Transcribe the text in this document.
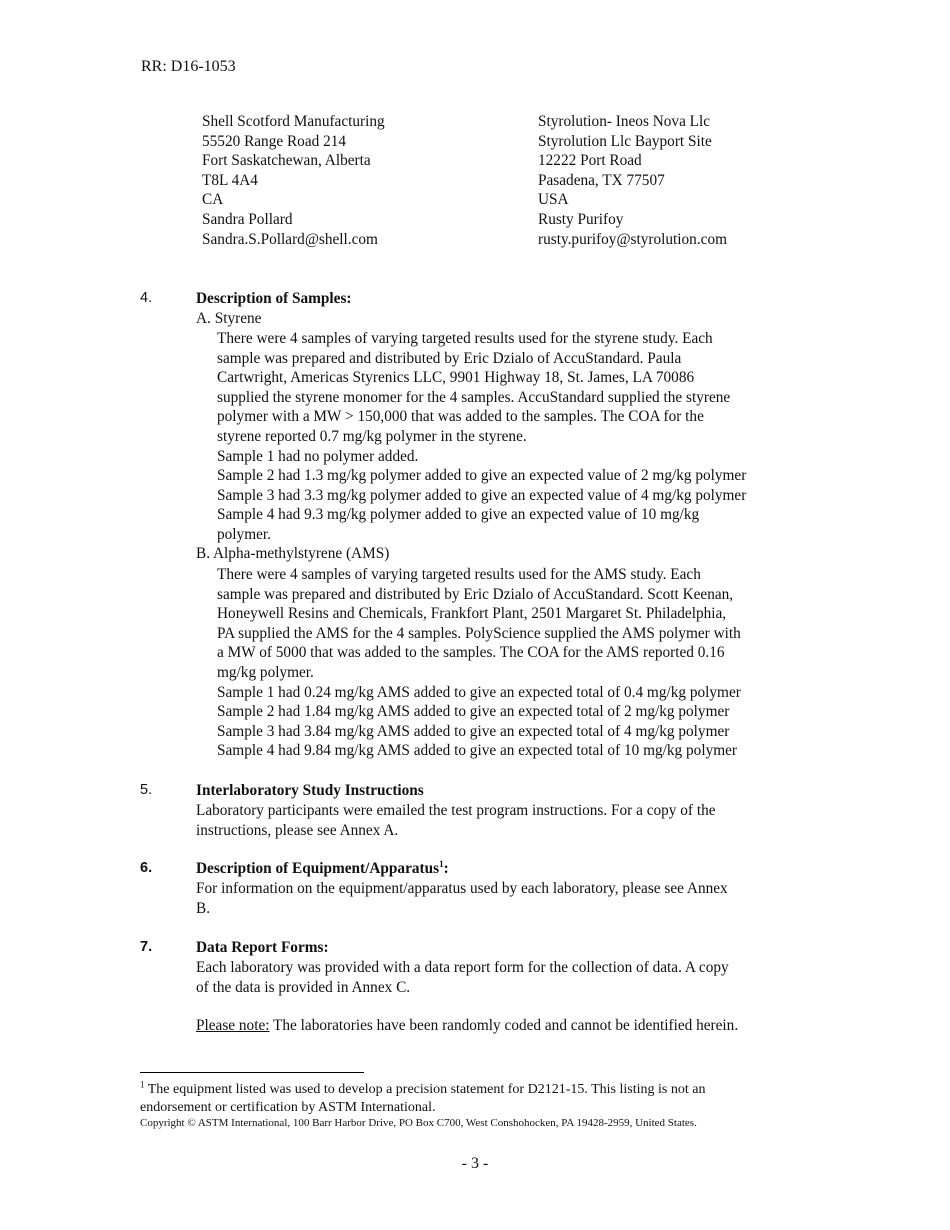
RR: D16-1053
Shell Scotford Manufacturing
55520 Range Road 214
Fort Saskatchewan, Alberta
T8L 4A4
CA
Sandra Pollard
Sandra.S.Pollard@shell.com
Styrolution- Ineos Nova Llc
Styrolution Llc Bayport Site
12222 Port Road
Pasadena, TX 77507
USA
Rusty Purifoy
rusty.purifoy@styrolution.com
4.	Description of Samples:
A. Styrene
There were 4 samples of varying targeted results used for the styrene study. Each
sample was prepared and distributed by Eric Dzialo of AccuStandard. Paula
Cartwright, Americas Styrenics LLC, 9901 Highway 18, St. James, LA 70086
supplied the styrene monomer for the 4 samples. AccuStandard supplied the styrene
polymer with a MW > 150,000 that was added to the samples. The COA for the
styrene reported 0.7 mg/kg polymer in the styrene.
Sample 1 had no polymer added.
Sample 2 had 1.3 mg/kg polymer added to give an expected value of 2 mg/kg polymer
Sample 3 had 3.3 mg/kg polymer added to give an expected value of 4 mg/kg polymer
Sample 4 had 9.3 mg/kg polymer added to give an expected value of 10 mg/kg
polymer.
B. Alpha-methylstyrene (AMS)
There were 4 samples of varying targeted results used for the AMS study. Each
sample was prepared and distributed by Eric Dzialo of AccuStandard. Scott Keenan,
Honeywell Resins and Chemicals, Frankfort Plant, 2501 Margaret St. Philadelphia,
PA supplied the AMS for the 4 samples. PolyScience supplied the AMS polymer with
a MW of 5000 that was added to the samples. The COA for the AMS reported 0.16
mg/kg polymer.
Sample 1 had 0.24 mg/kg AMS added to give an expected total of 0.4 mg/kg polymer
Sample 2 had 1.84 mg/kg AMS added to give an expected total of 2 mg/kg polymer
Sample 3 had 3.84 mg/kg AMS added to give an expected total of 4 mg/kg polymer
Sample 4 had 9.84 mg/kg AMS added to give an expected total of 10 mg/kg polymer
5.	Interlaboratory Study Instructions
Laboratory participants were emailed the test program instructions. For a copy of the
instructions, please see Annex A.
6.	Description of Equipment/Apparatus$^1$:
For information on the equipment/apparatus used by each laboratory, please see Annex
B.
7.	Data Report Forms:
Each laboratory was provided with a data report form for the collection of data. A copy
of the data is provided in Annex C.
Please note: The laboratories have been randomly coded and cannot be identified herein.
$^1$ The equipment listed was used to develop a precision statement for D2121-15. This listing is not an
endorsement or certification by ASTM International.
Copyright © ASTM International, 100 Barr Harbor Drive, PO Box C700, West Conshohocken, PA 19428-2959, United States.
- 3 -
